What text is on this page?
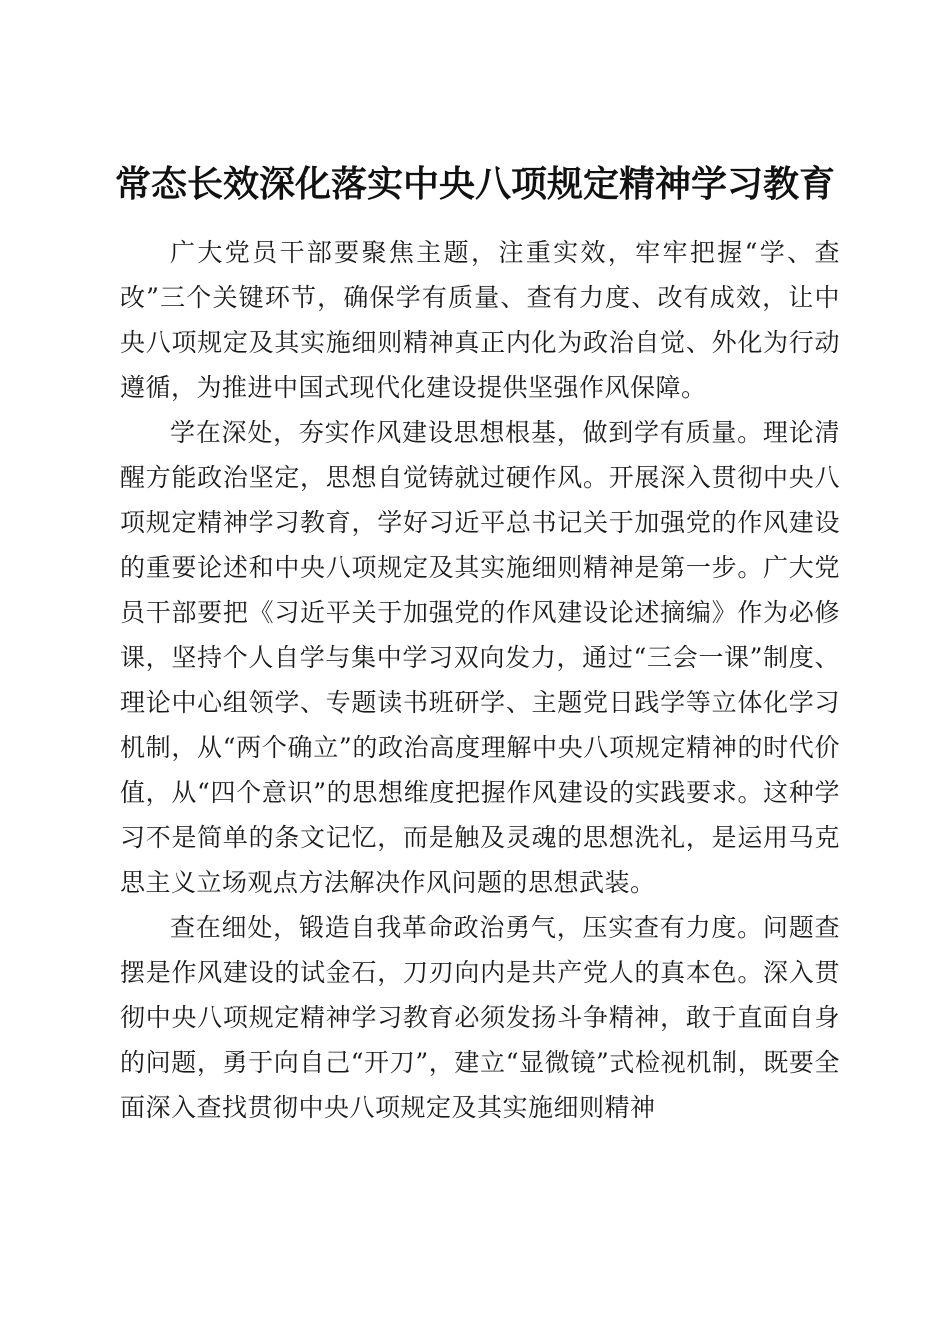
常态长效深化落实中央八项规定精神学习教育

广大党员干部要聚焦主题，注重实效，牢牢把握“学、查改”三个关键环节，确保学有质量、查有力度、改有成效，让中央八项规定及其实施细则精神真正内化为政治自觉、外化为行动遵循，为推进中国式现代化建设提供坚强作风保障。

学在深处，夯实作风建设思想根基，做到学有质量。理论清醒方能政治坚定，思想自觉铸就过硬作风。开展深入贯彻中央八项规定精神学习教育，学好习近平总书记关于加强党的作风建设的重要论述和中央八项规定及其实施细则精神是第一步。广大党员干部要把《习近平关于加强党的作风建设论述摘编》作为必修课，坚持个人自学与集中学习双向发力，通过“三会一课”制度、理论中心组领学、专题读书班研学、主题党日践学等立体化学习机制，从“两个确立”的政治高度理解中央八项规定精神的时代价值，从“四个意识”的思想维度把握作风建设的实践要求。这种学习不是简单的条文记忆，而是触及灵魂的思想洗礼，是运用马克思主义立场观点方法解决作风问题的思想武装。

查在细处，锻造自我革命政治勇气，压实查有力度。问题查摆是作风建设的试金石，刀刃向内是共产党人的真本色。深入贯彻中央八项规定精神学习教育必须发扬斗争精神，敢于直面自身的问题，勇于向自己“开刀”，建立“显微镜”式检视机制，既要全面深入查找贯彻中央八项规定及其实施细则精神
